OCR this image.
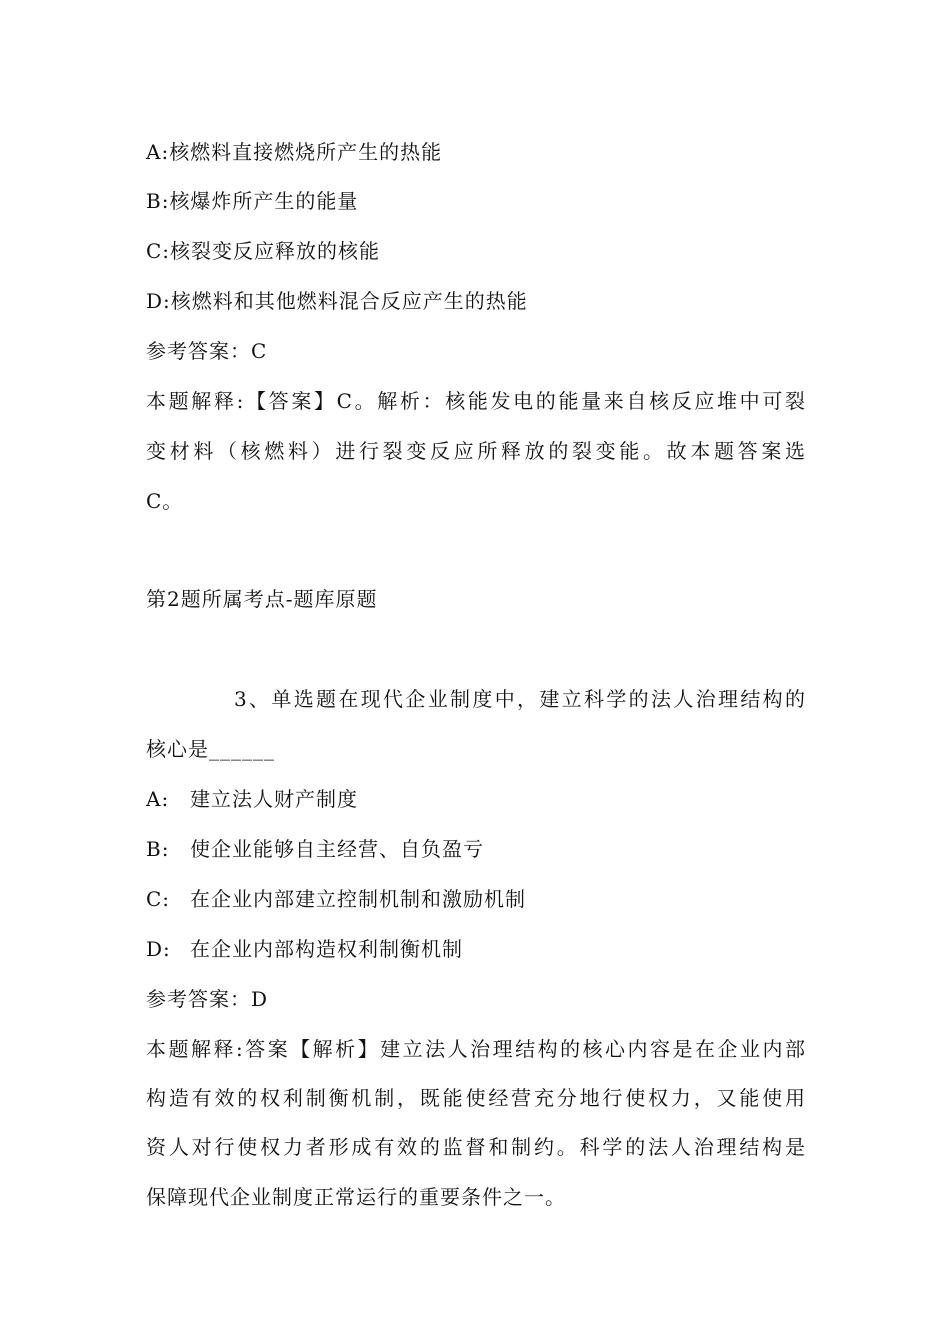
A:核燃料直接燃烧所产生的热能
B:核爆炸所产生的能量
C:核裂变反应释放的核能
D:核燃料和其他燃料混合反应产生的热能
参考答案：C
本题解释:【答案】C。解析：核能发电的能量来自核反应堆中可裂
变材料（核燃料）进行裂变反应所释放的裂变能。故本题答案选
C。
第2题所属考点-题库原题
3、单选题在现代企业制度中，建立科学的法人治理结构的
核心是______
A: 建立法人财产制度
B: 使企业能够自主经营、自负盈亏
C: 在企业内部建立控制机制和激励机制
D: 在企业内部构造权利制衡机制
参考答案：D
本题解释:答案【解析】建立法人治理结构的核心内容是在企业内部
构造有效的权利制衡机制，既能使经营充分地行使权力，又能使用
资人对行使权力者形成有效的监督和制约。科学的法人治理结构是
保障现代企业制度正常运行的重要条件之一。
